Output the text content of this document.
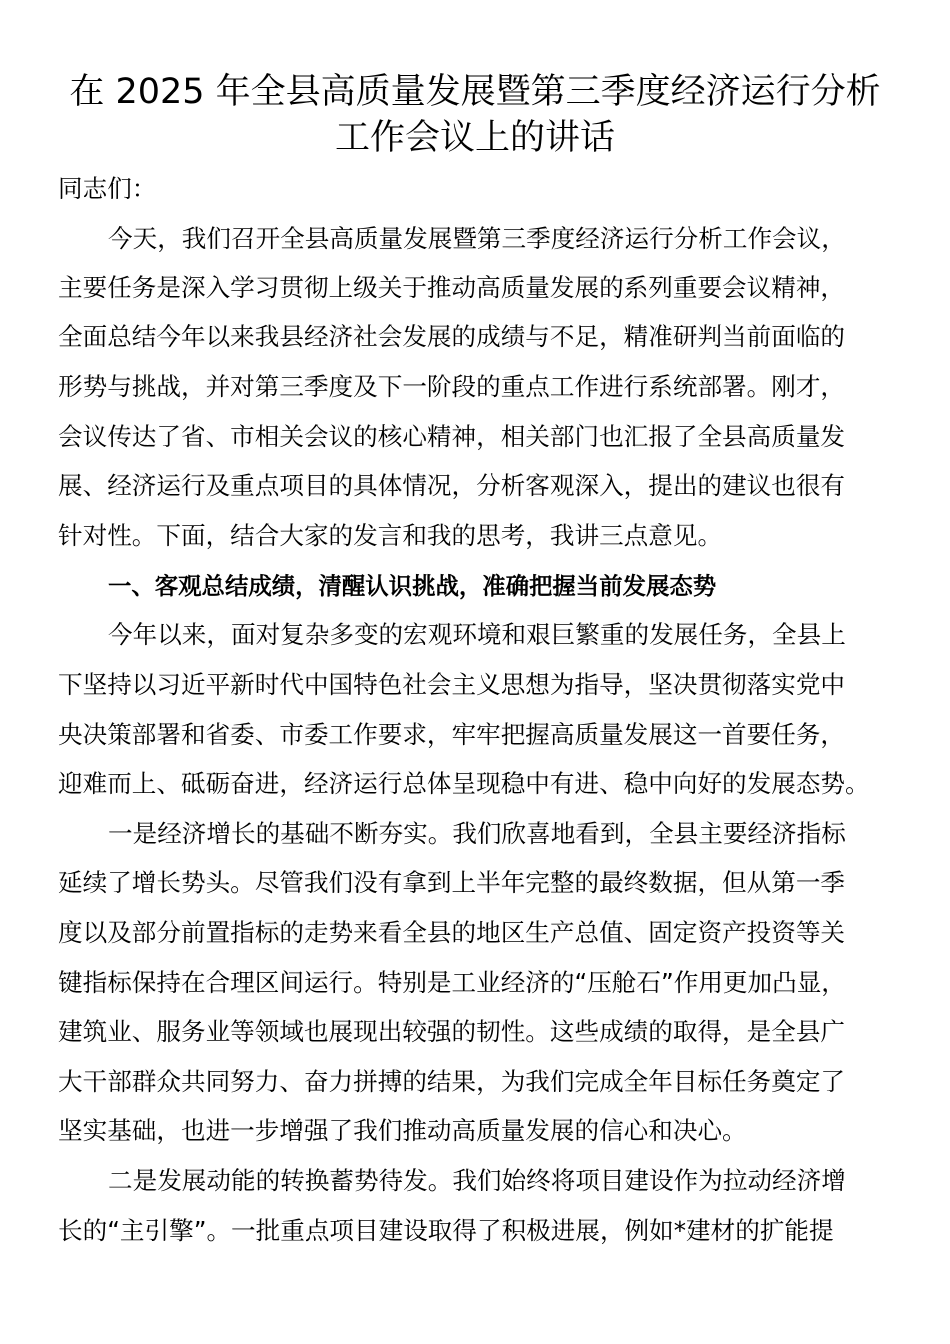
在 2025 年全县高质量发展暨第三季度经济运行分析
工作会议上的讲话

同志们：

今天，我们召开全县高质量发展暨第三季度经济运行分析工作会议，

主要任务是深入学习贯彻上级关于推动高质量发展的系列重要会议精神，

全面总结今年以来我县经济社会发展的成绩与不足，精准研判当前面临的

形势与挑战，并对第三季度及下一阶段的重点工作进行系统部署。刚才，

会议传达了省、市相关会议的核心精神，相关部门也汇报了全县高质量发

展、经济运行及重点项目的具体情况，分析客观深入，提出的建议也很有

针对性。下面，结合大家的发言和我的思考，我讲三点意见。

一、客观总结成绩，清醒认识挑战，准确把握当前发展态势

今年以来，面对复杂多变的宏观环境和艰巨繁重的发展任务，全县上

下坚持以习近平新时代中国特色社会主义思想为指导，坚决贯彻落实党中

央决策部署和省委、市委工作要求，牢牢把握高质量发展这一首要任务，

迎难而上、砥砺奋进，经济运行总体呈现稳中有进、稳中向好的发展态势。

一是经济增长的基础不断夯实。我们欣喜地看到，全县主要经济指标

延续了增长势头。尽管我们没有拿到上半年完整的最终数据，但从第一季

度以及部分前置指标的走势来看全县的地区生产总值、固定资产投资等关

键指标保持在合理区间运行。特别是工业经济的“压舱石”作用更加凸显，

建筑业、服务业等领域也展现出较强的韧性。这些成绩的取得，是全县广

大干部群众共同努力、奋力拼搏的结果，为我们完成全年目标任务奠定了

坚实基础，也进一步增强了我们推动高质量发展的信心和决心。

二是发展动能的转换蓄势待发。我们始终将项目建设作为拉动经济增

长的“主引擎”。一批重点项目建设取得了积极进展，例如*建材的扩能提
